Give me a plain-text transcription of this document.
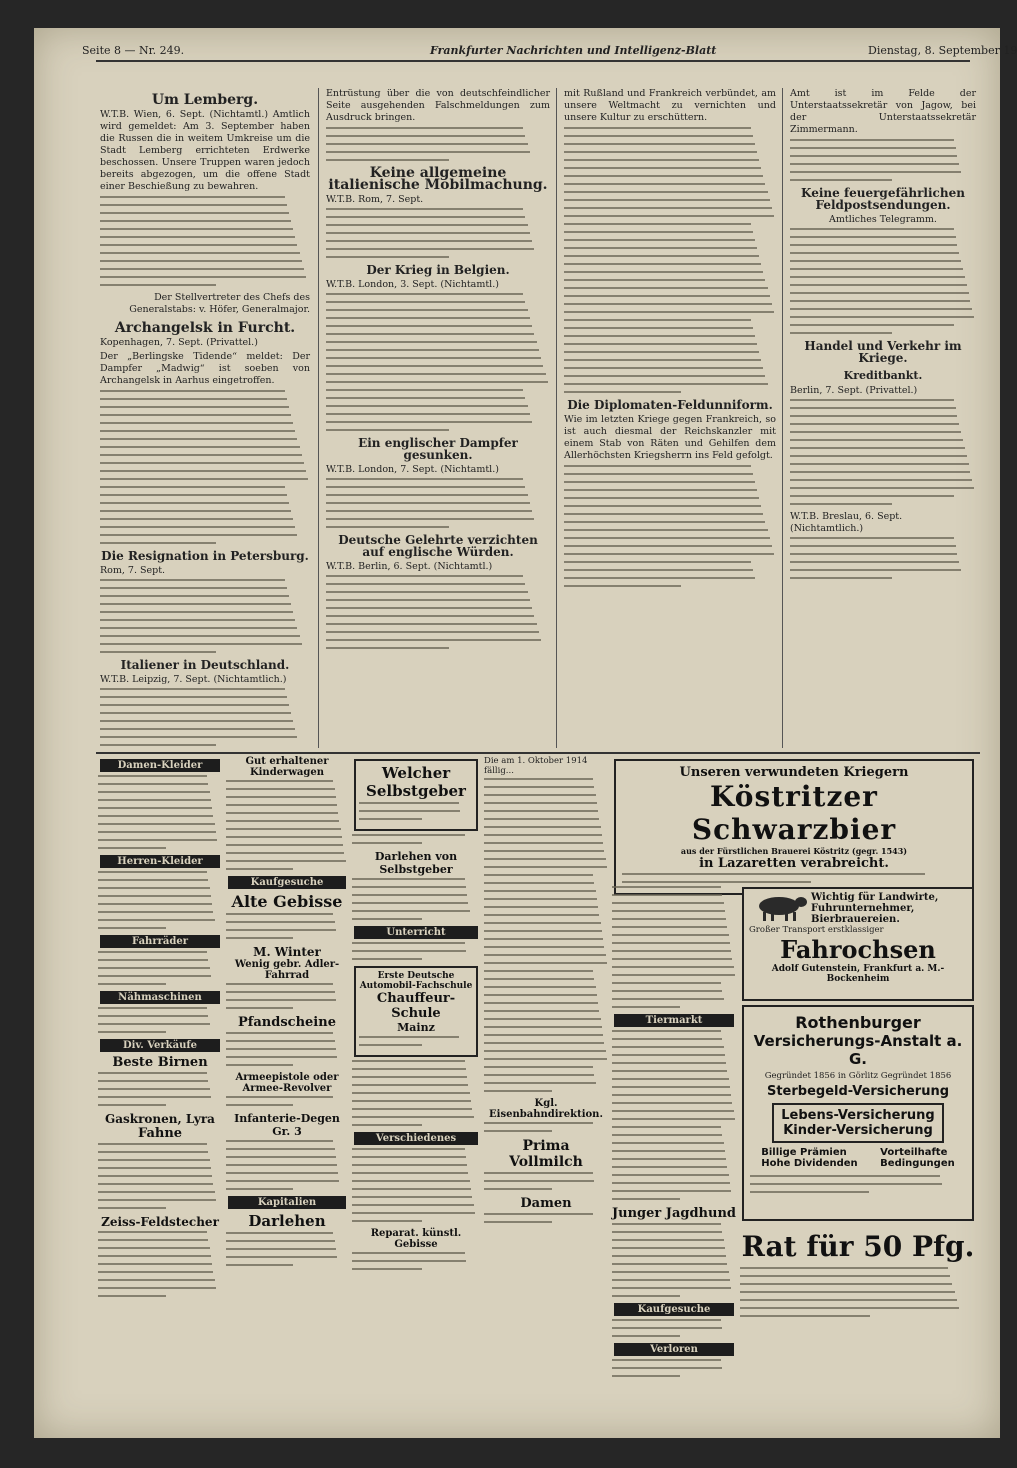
Seite 8 — Nr. 249.	Frankfurter Nachrichten und Intelligenz-Blatt	Dienstag, 8. September 19
Um Lemberg.
W.T.B. Wien, 6. Sept. (Nichtamtl.) Amtlich wird gemeldet: Am 3. September haben die Russen die in weitem Umkreise um die Stadt Lemberg errichteten Erdwerke beschossen. Unsere Truppen waren jedoch bereits abgezogen, um die offene Stadt einer Beschießung zu bewahren.
Der Stellvertreter des Chefs des Generalstabs: v. Höfer, Generalmajor.
Archangelsk in Furcht.
Kopenhagen, 7. Sept. (Privattel.)
Der „Berlingske Tidende“ meldet: Der Dampfer „Madwig“ ist soeben von Archangelsk in Aarhus eingetroffen.
Die Resignation in Petersburg.
Rom, 7. Sept.
Italiener in Deutschland.
W.T.B. Leipzig, 7. Sept. (Nichtamtlich.)
Entrüstung über die von deutschfeindlicher Seite ausgehenden Falschmeldungen zum Ausdruck bringen.
Keine allgemeine italienische Mobilmachung.
W.T.B. Rom, 7. Sept.
Der Krieg in Belgien.
W.T.B. London, 3. Sept. (Nichtamtl.)
Ein englischer Dampfer gesunken.
W.T.B. London, 7. Sept. (Nichtamtl.)
Deutsche Gelehrte verzichten auf englische Würden.
W.T.B. Berlin, 6. Sept. (Nichtamtl.)
mit Rußland und Frankreich verbündet, am unsere Weltmacht zu vernichten und unsere Kultur zu erschüttern.
Die Diplomaten-Feldunniform.
Wie im letzten Kriege gegen Frankreich, so ist auch diesmal der Reichskanzler mit einem Stab von Räten und Gehilfen dem Allerhöchsten Kriegsherrn ins Feld gefolgt.
Amt ist im Felde der Unterstaatssekretär von Jagow, bei der Unterstaatssekretär Zimmermann.
Keine feuergefährlichen Feldpostsendungen.
Amtliches Telegramm.
Handel und Verkehr im Kriege.
Kreditbankt.
Berlin, 7. Sept. (Privattel.)
W.T.B. Breslau, 6. Sept. (Nichtamtlich.)
Damen-Kleider
Herren-Kleider
Fahrräder
Nähmaschinen
Div. Verkäufe
Beste Birnen
Gaskronen, Lyra
Fahne
Zeiss-Feldstecher
Gut erhaltener Kinderwagen
Kaufgesuche
Alte Gebisse
M. Winter
Wenig gebr. Adler-Fahrrad
Pfandscheine
Armeepistole oder Armee-Revolver
Infanterie-Degen Gr. 3
Kapitalien
Darlehen
Welcher Selbstgeber
Darlehen von Selbstgeber
Unterricht
Erste Deutsche Automobil-Fachschule
Chauffeur-Schule
Mainz
Verschiedenes
Reparat. künstl. Gebisse
Die am 1. Oktober 1914 fällig...
Kgl. Eisenbahndirektion.
Prima Vollmilch
Damen
Unseren verwundeten Kriegern
Köstritzer Schwarzbier
aus der Fürstlichen Brauerei Köstritz (gegr. 1543)
in Lazaretten verabreicht.
Tiermarkt
Junger Jagdhund
Kaufgesuche
Verloren
Wichtig für Landwirte, Fuhrunternehmer, Bierbrauereien.
Großer Transport erstklassiger
Fahrochsen
Adolf Gutenstein, Frankfurt a. M.-Bockenheim
Rothenburger
Versicherungs-Anstalt a. G.
Gegründet 1856 in Görlitz Gegründet 1856
Sterbegeld-Versicherung
Lebens-Versicherung
Kinder-Versicherung
Billige Prämien
Hohe Dividenden
Vorteilhafte
Bedingungen
Rat für 50 Pfg.
